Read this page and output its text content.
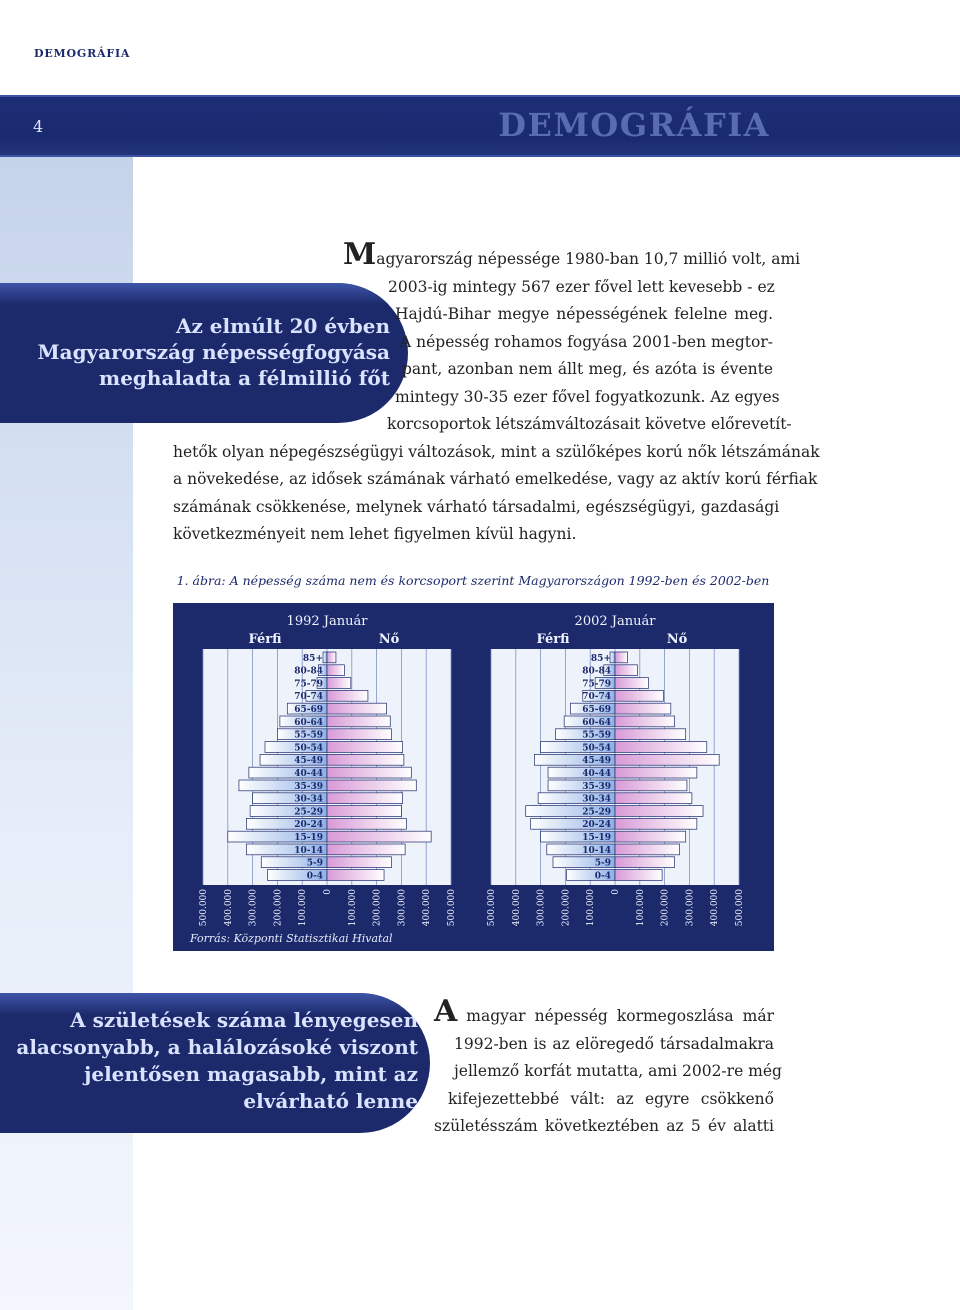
DEMOGRÁFIA
4	DEMOGRÁFIA
Az elmúlt 20 évben
Magyarország népességfogyása
meghaladta a félmillió főt
Magyarország népessége 1980-ban 10,7 millió volt, ami
2003-ig mintegy 567 ezer fővel lett kevesebb - ez
Hajdú-Bihar megye népességének felelne meg.
A népesség rohamos fogyása 2001-ben megtor-
pant, azonban nem állt meg, és azóta is évente
mintegy 30-35 ezer fővel fogyatkozunk. Az egyes
korcsoportok létszámváltozásait követve előrevetít-
hetők olyan népegészségügyi változások, mint a szülőképes korú nők létszámának
a növekedése, az idősek számának várható emelkedése, vagy az aktív korú férfiak
számának csökkenése, melynek várható társadalmi, egészségügyi, gazdasági
következményeit nem lehet figyelmen kívül hagyni.
1. ábra: A népesség száma nem és korcsoport szerint Magyarországon 1992-ben és 2002-ben
500.000 400.000 300.000 200.000 100.000 0 100.000 200.000 300.000 400.000 500.000
1992 Január
Férfi	Nő
85+
80-84
75-79
70-74
65-69
60-64
55-59
50-54
45-49
40-44
35-39
30-34
25-29
20-24
15-19
10-14
5-9
0-4
500.000 400.000 300.000 200.000 100.000 0 100.000 200.000 300.000 400.000 500.000
2002 Január
Férfi	Nő
85+
80-84
75-79
70-74
65-69
60-64
55-59
50-54
45-49
40-44
35-39
30-34
25-29
20-24
15-19
10-14
5-9
0-4
Forrás: Központi Statisztikai Hivatal
A születések száma lényegesen
alacsonyabb, a halálozásoké viszont
jelentősen magasabb, mint az
elvárható lenne
A magyar népesség kormegoszlása már
1992-ben is az elöregedő társadalmakra
jellemző korfát mutatta, ami 2002-re még
kifejezettebbé vált: az egyre csökkenő
születésszám következtében az 5 év alatti
